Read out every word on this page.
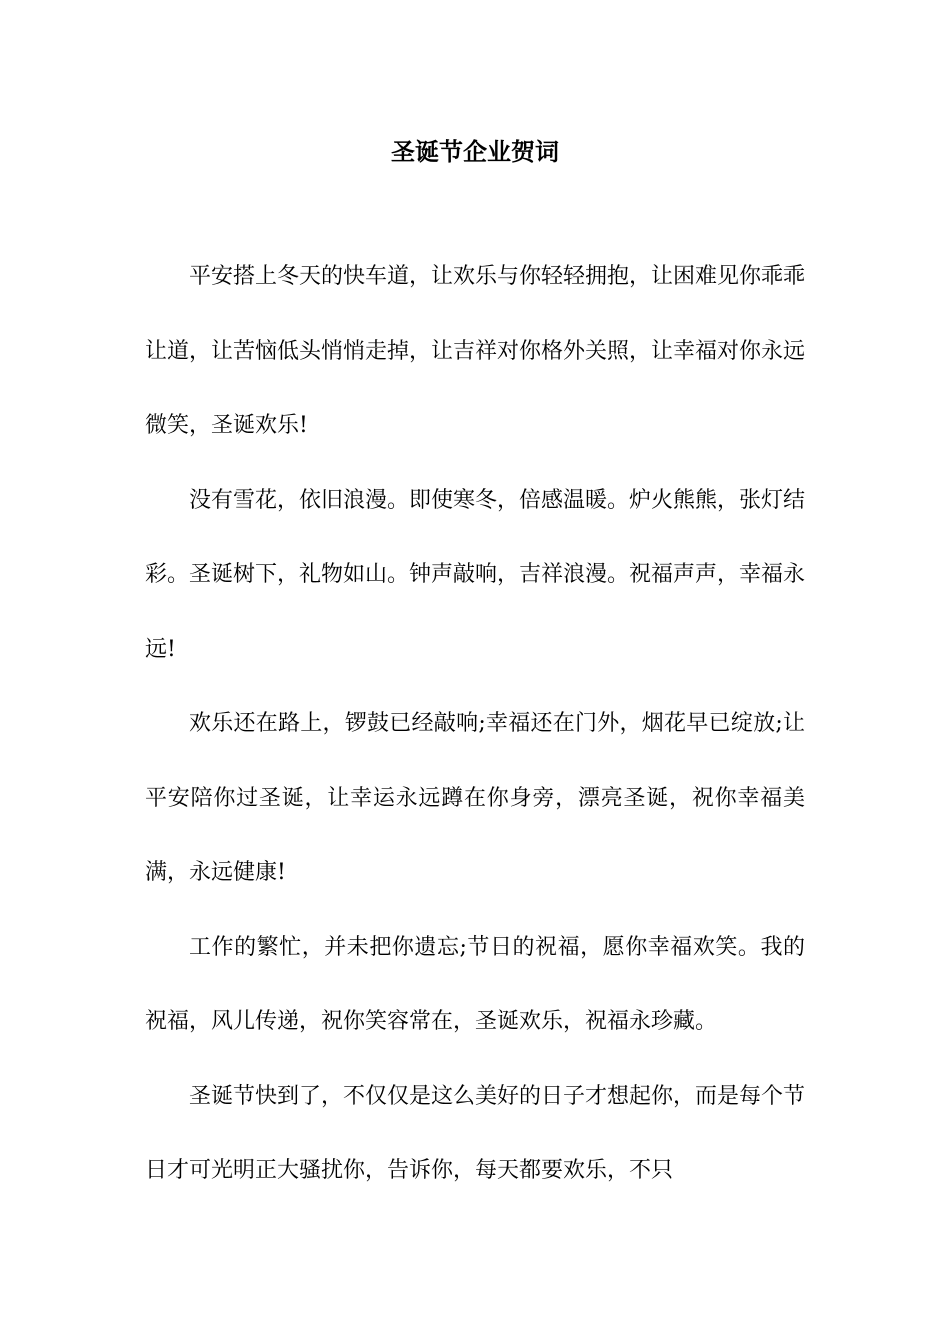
圣诞节企业贺词

平安搭上冬天的快车道，让欢乐与你轻轻拥抱，让困难见你乖乖让道，让苦恼低头悄悄走掉，让吉祥对你格外关照，让幸福对你永远微笑，圣诞欢乐!

没有雪花，依旧浪漫。即使寒冬，倍感温暖。炉火熊熊，张灯结彩。圣诞树下，礼物如山。钟声敲响，吉祥浪漫。祝福声声，幸福永远!

欢乐还在路上，锣鼓已经敲响;幸福还在门外，烟花早已绽放;让平安陪你过圣诞，让幸运永远蹲在你身旁，漂亮圣诞，祝你幸福美满，永远健康!

工作的繁忙，并未把你遗忘;节日的祝福，愿你幸福欢笑。我的祝福，风儿传递，祝你笑容常在，圣诞欢乐，祝福永珍藏。

圣诞节快到了，不仅仅是这么美好的日子才想起你，而是每个节日才可光明正大骚扰你，告诉你，每天都要欢乐，不只
